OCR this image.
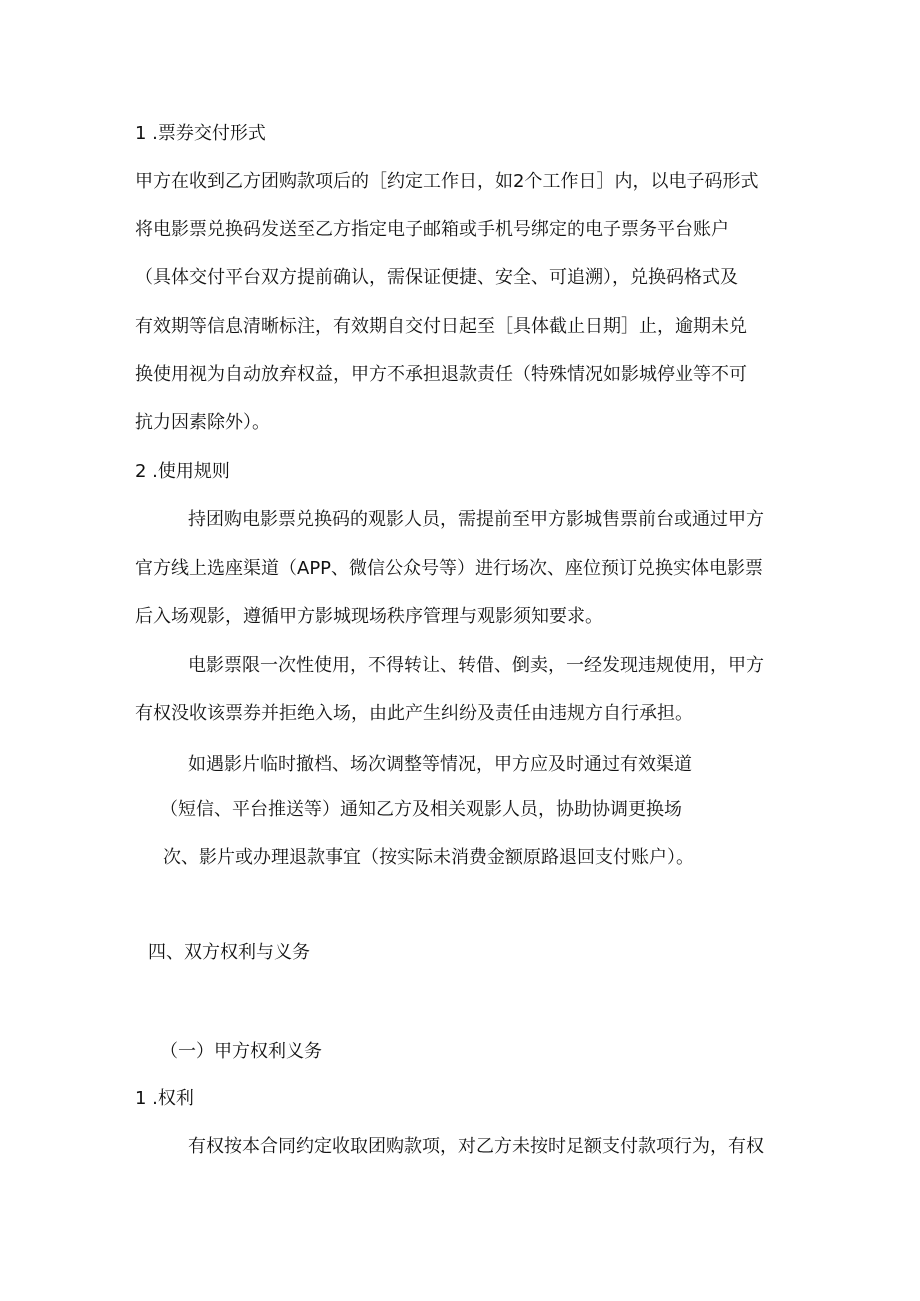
1 .票券交付形式
甲方在收到乙方团购款项后的［约定工作日，如2个工作日］内，以电子码形式
将电影票兑换码发送至乙方指定电子邮箱或手机号绑定的电子票务平台账户
（具体交付平台双方提前确认，需保证便捷、安全、可追溯），兑换码格式及
有效期等信息清晰标注，有效期自交付日起至［具体截止日期］止，逾期未兑
换使用视为自动放弃权益，甲方不承担退款责任（特殊情况如影城停业等不可
抗力因素除外）。
2 .使用规则
持团购电影票兑换码的观影人员，需提前至甲方影城售票前台或通过甲方
官方线上选座渠道（APP、微信公众号等）进行场次、座位预订兑换实体电影票
后入场观影，遵循甲方影城现场秩序管理与观影须知要求。
电影票限一次性使用，不得转让、转借、倒卖，一经发现违规使用，甲方
有权没收该票券并拒绝入场，由此产生纠纷及责任由违规方自行承担。
如遇影片临时撤档、场次调整等情况，甲方应及时通过有效渠道
（短信、平台推送等）通知乙方及相关观影人员，协助协调更换场
次、影片或办理退款事宜（按实际未消费金额原路退回支付账户）。
四、双方权利与义务
（一）甲方权利义务
1 .权利
有权按本合同约定收取团购款项，对乙方未按时足额支付款项行为，有权
